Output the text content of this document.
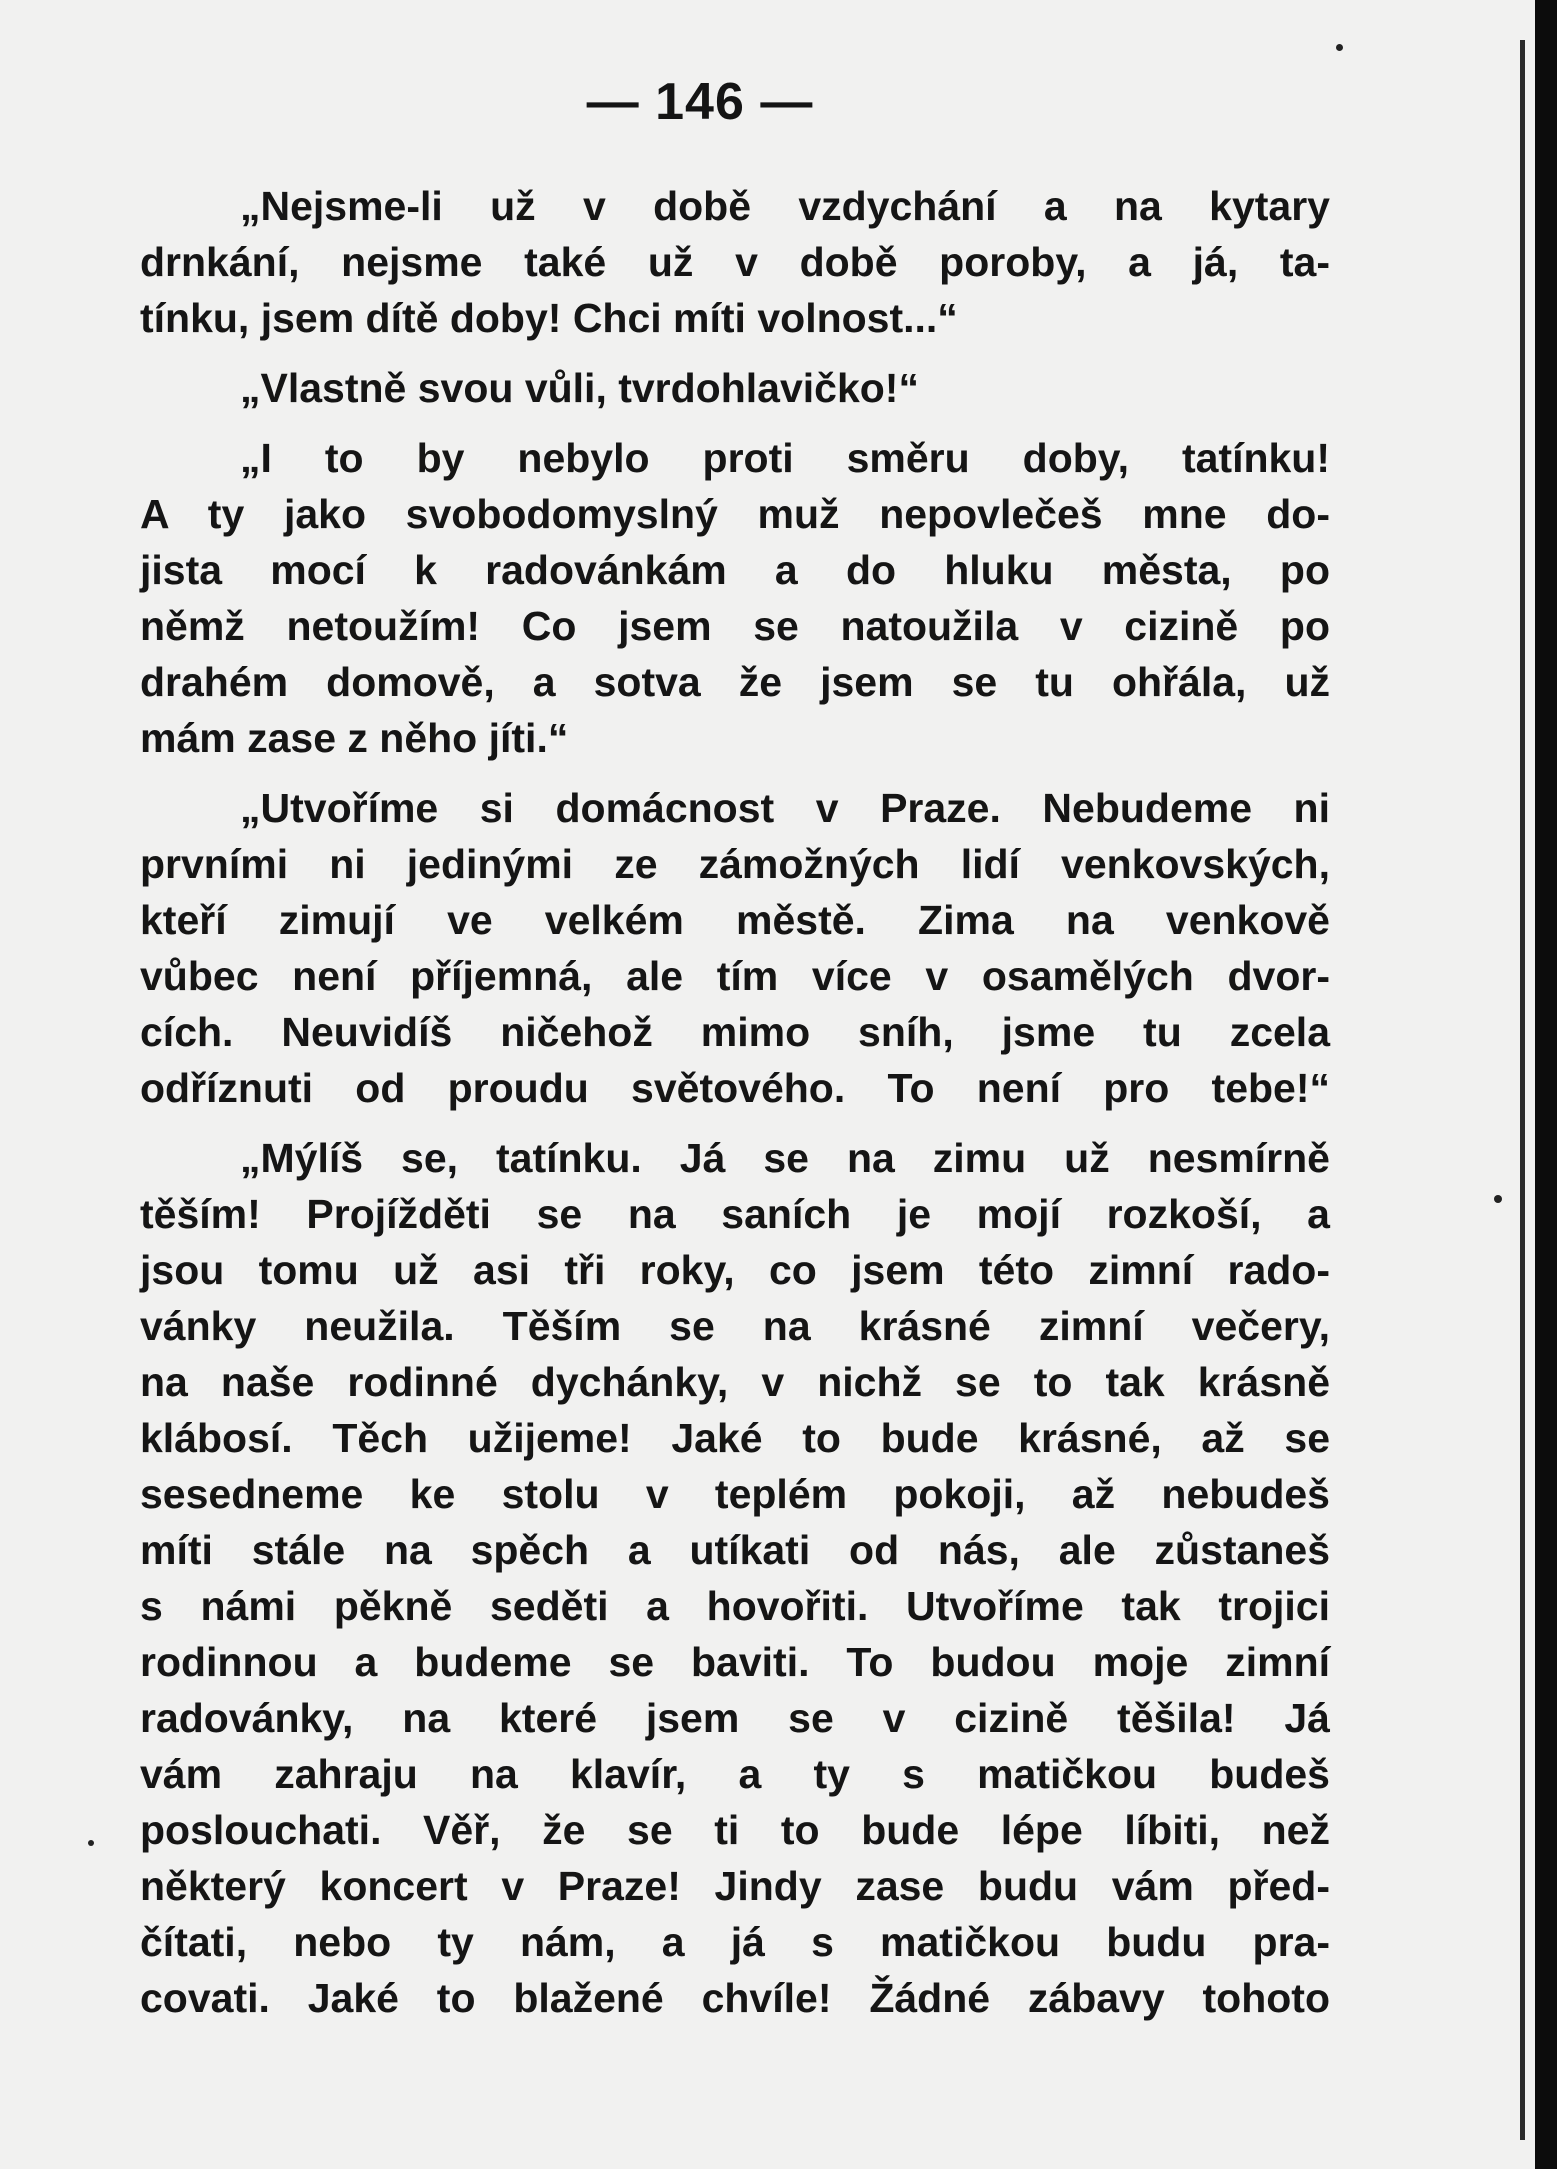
— 146 —
„Nejsme-li už v době vzdychání a na kytary
drnkání, nejsme také už v době poroby, a já, ta-
tínku, jsem dítě doby! Chci míti volnost...“
„Vlastně svou vůli, tvrdohlavičko!“
„I to by nebylo proti směru doby, tatínku!
A ty jako svobodomyslný muž nepovlečeš mne do-
jista mocí k radovánkám a do hluku města, po
němž netoužím! Co jsem se natoužila v cizině po
drahém domově, a sotva že jsem se tu ohřála, už
mám zase z něho jíti.“
„Utvoříme si domácnost v Praze. Nebudeme ni
prvními ni jedinými ze zámožných lidí venkovských,
kteří zimují ve velkém městě. Zima na venkově
vůbec není příjemná, ale tím více v osamělých dvor-
cích. Neuvidíš ničehož mimo sníh, jsme tu zcela
odříznuti od proudu světového. To není pro tebe!“
„Mýlíš se, tatínku. Já se na zimu už nesmírně
těším! Projížděti se na saních je mojí rozkoší, a
jsou tomu už asi tři roky, co jsem této zimní rado-
vánky neužila. Těším se na krásné zimní večery,
na naše rodinné dychánky, v nichž se to tak krásně
klábosí. Těch užijeme! Jaké to bude krásné, až se
sesedneme ke stolu v teplém pokoji, až nebudeš
míti stále na spěch a utíkati od nás, ale zůstaneš
s námi pěkně seděti a hovořiti. Utvoříme tak trojici
rodinnou a budeme se baviti. To budou moje zimní
radovánky, na které jsem se v cizině těšila! Já
vám zahraju na klavír, a ty s matičkou budeš
poslouchati. Věř, že se ti to bude lépe líbiti, než
některý koncert v Praze! Jindy zase budu vám před-
čítati, nebo ty nám, a já s matičkou budu pra-
covati. Jaké to blažené chvíle! Žádné zábavy tohoto
